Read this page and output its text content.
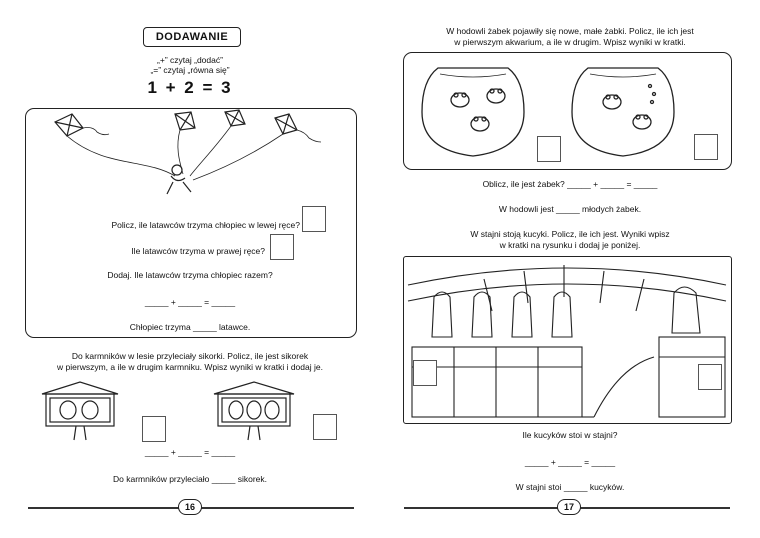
DODAWANIE
„+” czytaj „dodać”
„=” czytaj „równa się”
1 + 2 = 3
Policz, ile latawców trzyma chłopiec w lewej ręce?
Ile latawców trzyma w prawej ręce?
Dodaj. Ile latawców trzyma chłopiec razem?
_____ + _____ = _____
Chłopiec trzyma _____ latawce.
Do karmników w lesie przyleciały sikorki. Policz, ile jest sikorek
w pierwszym, a ile w drugim karmniku. Wpisz wyniki w kratki i dodaj je.
_____ + _____ = _____
Do karmników przyleciało _____ sikorek.
16
W hodowli żabek pojawiły się nowe, małe żabki. Policz, ile ich jest
w pierwszym akwarium, a ile w drugim. Wpisz wyniki w kratki.
Oblicz, ile jest żabek? _____ + _____ = _____
W hodowli jest _____ młodych żabek.
W stajni stoją kucyki. Policz, ile ich jest. Wyniki wpisz
w kratki na rysunku i dodaj je poniżej.
Ile kucyków stoi w stajni?
_____ + _____ = _____
W stajni stoi _____ kucyków.
17
